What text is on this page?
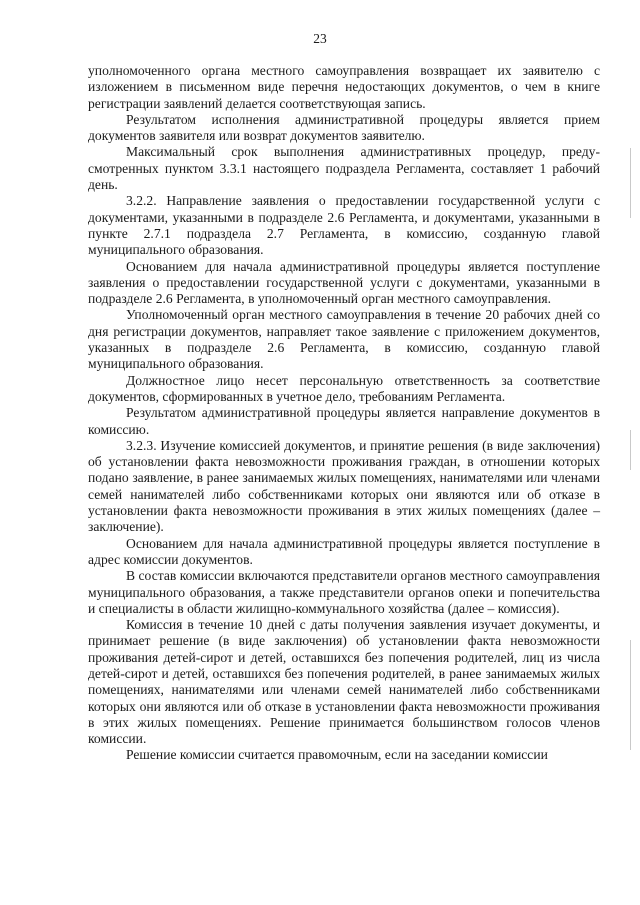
23

уполномоченного органа местного самоуправления возвращает их заявителю с изложением в письменном виде перечня недостающих документов, о чем в книге регистрации заявлений делается соответствующая запись.

Результатом исполнения административной процедуры является прием документов заявителя или возврат документов заявителю.

Максимальный срок выполнения административных процедур, предусмотренных пунктом 3.3.1 настоящего подраздела Регламента, составляет 1 рабочий день.

3.2.2. Направление заявления о предоставлении государственной услуги с документами, указанными в подразделе 2.6 Регламента, и документами, указанными в пункте 2.7.1 подраздела 2.7 Регламента, в комиссию, созданную главой муниципального образования.

Основанием для начала административной процедуры является поступление заявления о предоставлении государственной услуги с документами, указанными в подразделе 2.6 Регламента, в уполномоченный орган местного самоуправления.

Уполномоченный орган местного самоуправления в течение 20 рабочих дней со дня регистрации документов, направляет такое заявление с приложением документов, указанных в подразделе 2.6 Регламента, в комиссию, созданную главой муниципального образования.

Должностное лицо несет персональную ответственность за соответствие документов, сформированных в учетное дело, требованиям Регламента.

Результатом административной процедуры является направление документов в комиссию.

3.2.3. Изучение комиссией документов, и принятие решения (в виде заключения) об установлении факта невозможности проживания граждан, в отношении которых подано заявление, в ранее занимаемых жилых помещениях, нанимателями или членами семей нанимателей либо собственниками которых они являются или об отказе в установлении факта невозможности проживания в этих жилых помещениях (далее – заключение).

Основанием для начала административной процедуры является поступление в адрес комиссии документов.

В состав комиссии включаются представители органов местного самоуправления муниципального образования, а также представители органов опеки и попечительства и специалисты в области жилищно-коммунального хозяйства (далее – комиссия).

Комиссия в течение 10 дней с даты получения заявления изучает документы, и принимает решение (в виде заключения) об установлении факта невозможности проживания детей-сирот и детей, оставшихся без попечения родителей, лиц из числа детей-сирот и детей, оставшихся без попечения родителей, в ранее занимаемых жилых помещениях, нанимателями или членами семей нанимателей либо собственниками которых они являются или об отказе в установлении факта невозможности проживания в этих жилых помещениях. Решение принимается большинством голосов членов комиссии.

Решение комиссии считается правомочным, если на заседании комиссии
